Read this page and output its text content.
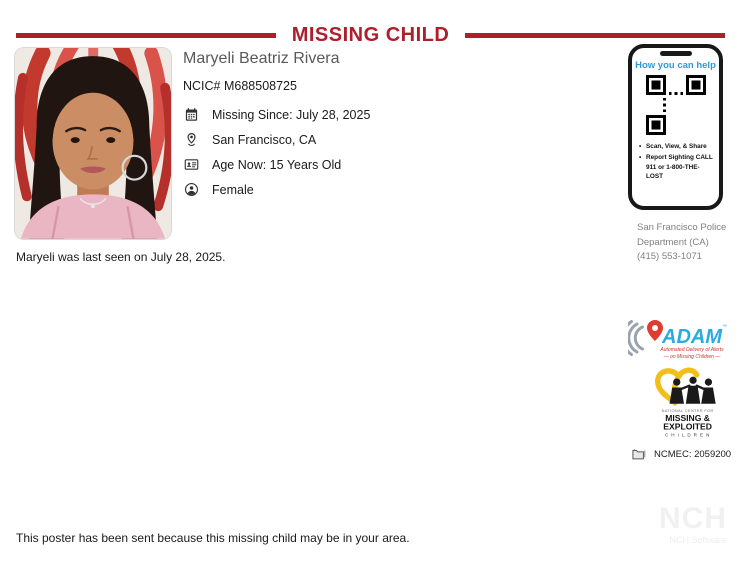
MISSING CHILD
Maryeli was last seen on July 28, 2025.
Maryeli Beatriz Rivera
NCIC# M688508725
Missing Since: July 28, 2025
San Francisco, CA
Age Now: 15 Years Old
Female
How you can help
• Scan, View, & Share
• Report Sighting CALL 911 or 1-800-THE-LOST
San Francisco Police
Department (CA)
(415) 553-1071
ADAM ™
Automated Delivery of Alerts
— on Missing Children —
NATIONAL CENTER FOR
MISSING &
EXPLOITED
C H I L D R E N
NCMEC: 2059200
This poster has been sent because this missing child may be in your area.
NCH
NCH Software
